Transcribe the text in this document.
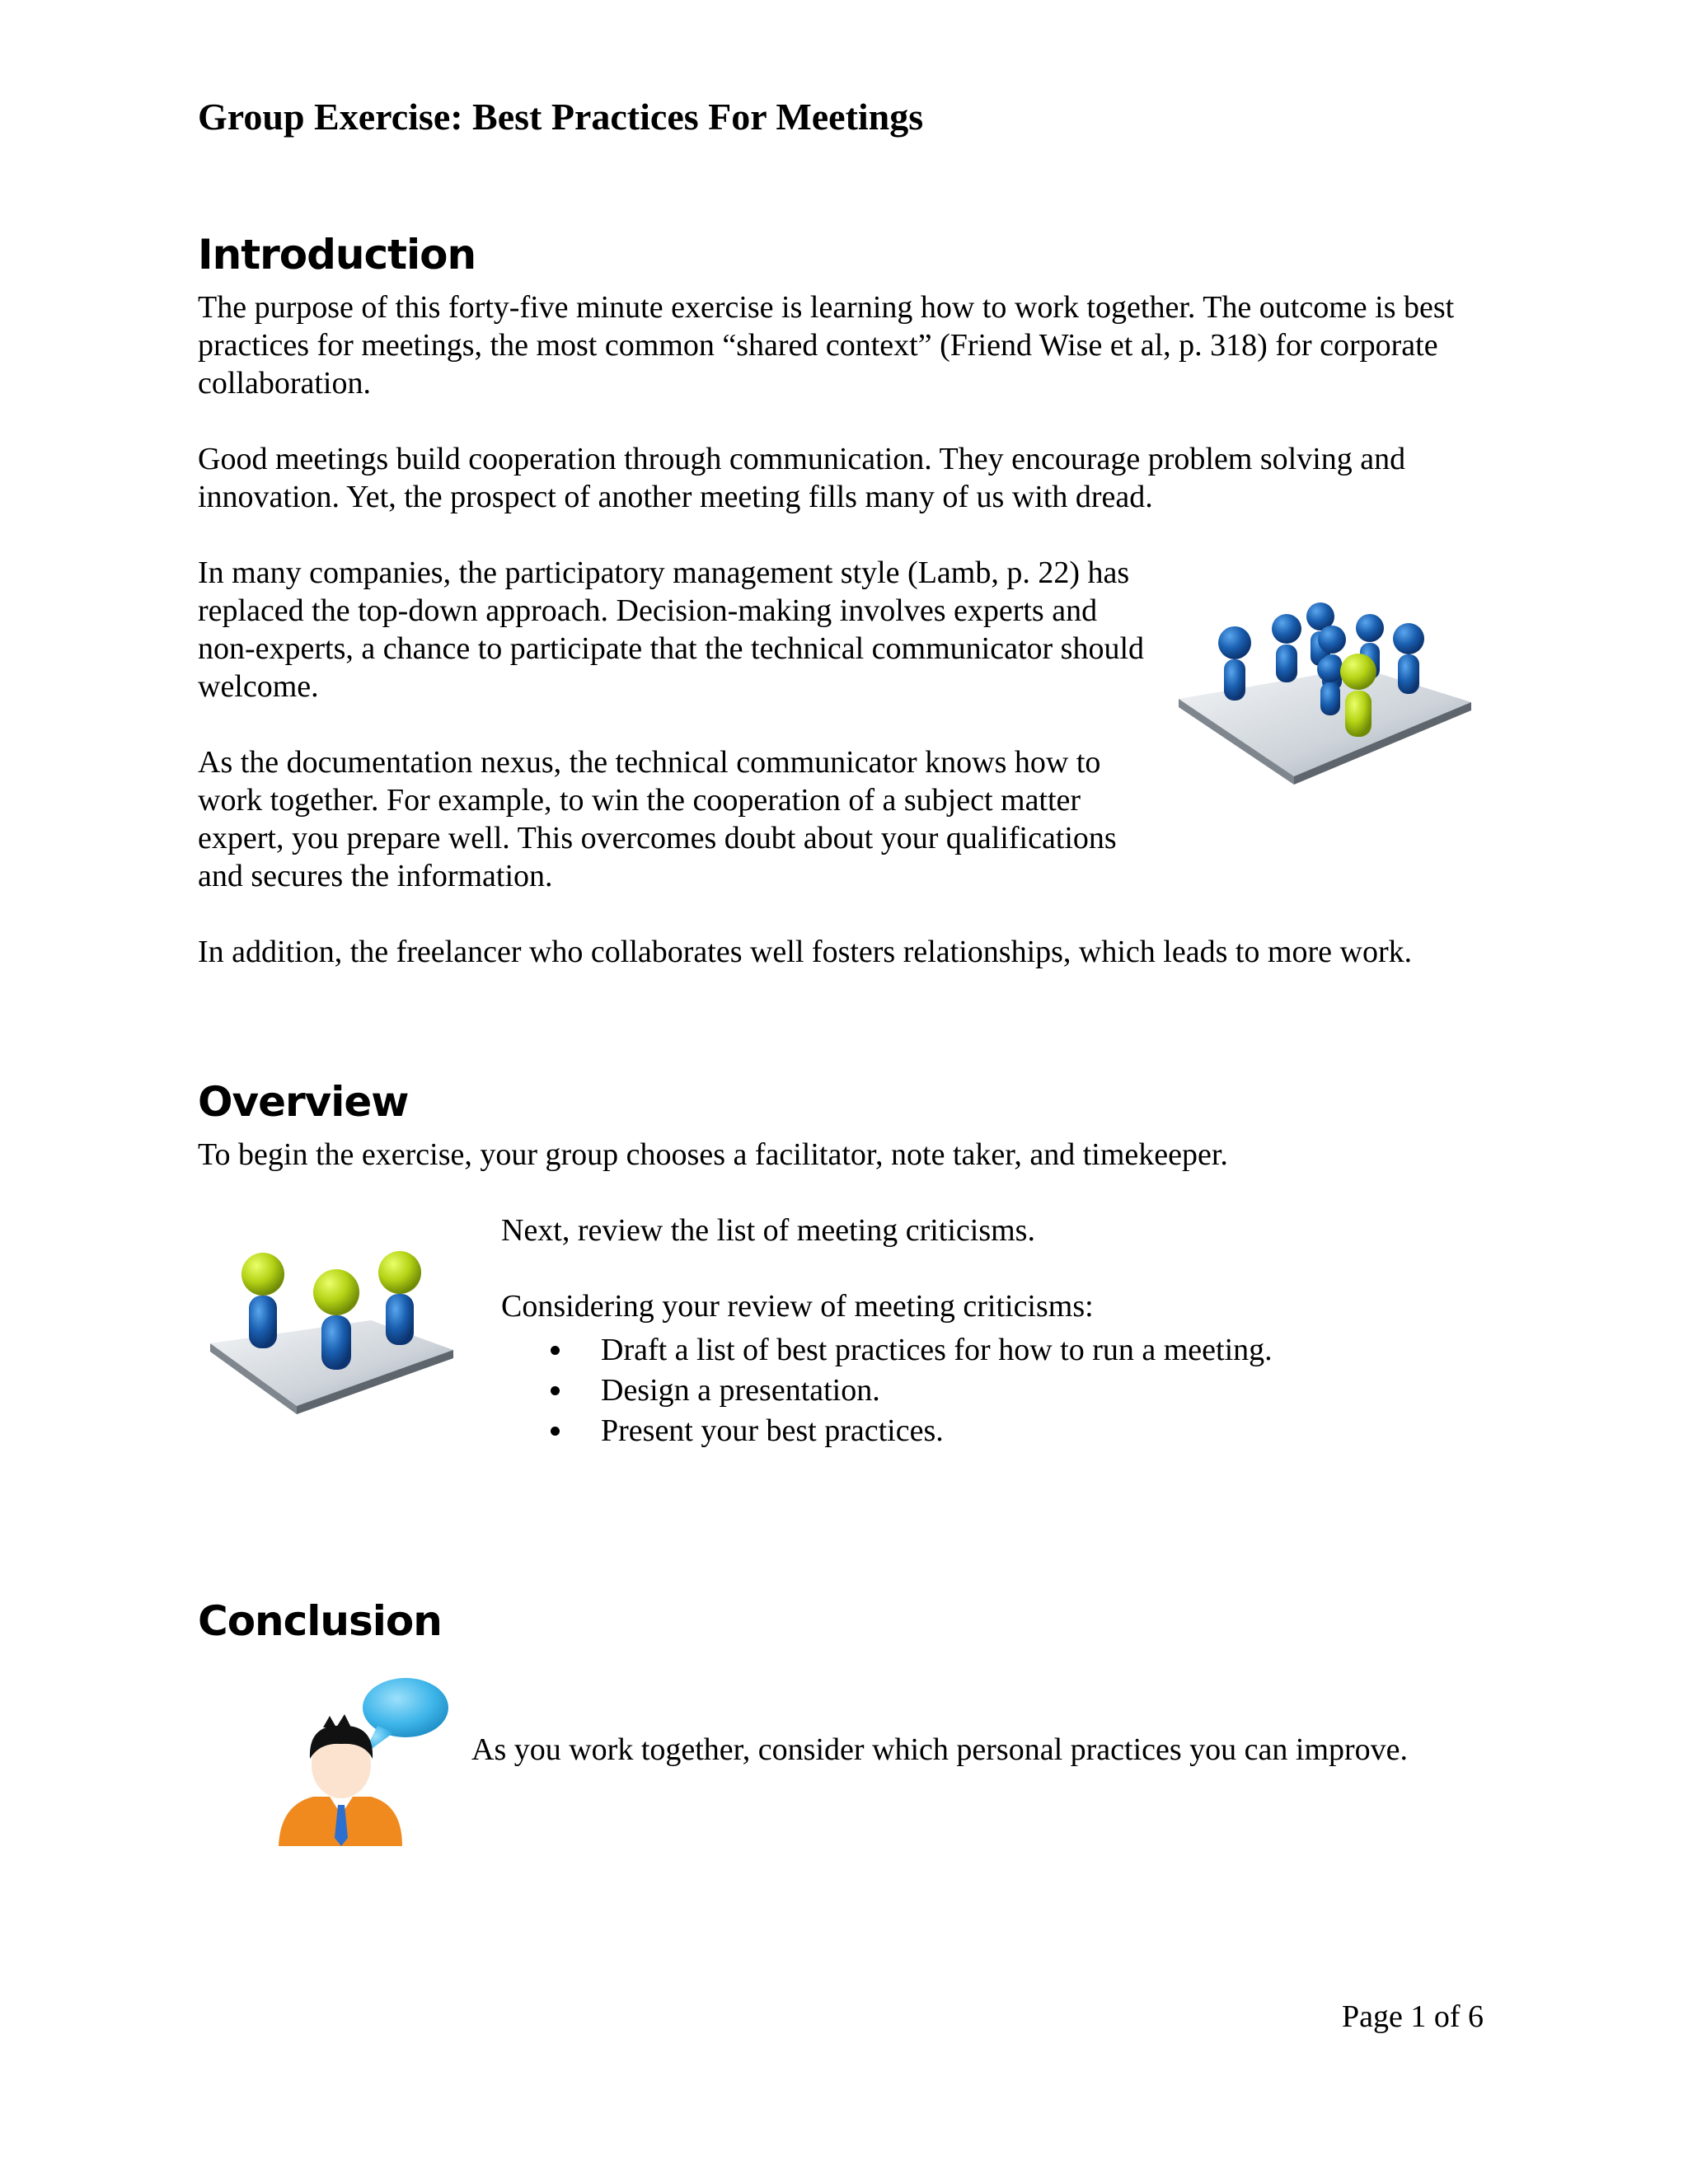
Group Exercise: Best Practices For Meetings
Introduction

The purpose of this forty-five minute exercise is learning how to work together. The outcome is best practices for meetings, the most common “shared context” (Friend Wise et al, p. 318) for corporate collaboration.

Good meetings build cooperation through communication. They encourage problem solving and innovation. Yet, the prospect of another meeting fills many of us with dread.

In many companies, the participatory management style (Lamb, p. 22) has replaced the top-down approach. Decision-making involves experts and non-experts, a chance to participate that the technical communicator should welcome.

As the documentation nexus, the technical communicator knows how to work together. For example, to win the cooperation of a subject matter expert, you prepare well. This overcomes doubt about your qualifications and secures the information.

In addition, the freelancer who collaborates well fosters relationships, which leads to more work.

Overview

To begin the exercise, your group chooses a facilitator, note taker, and timekeeper.

Next, review the list of meeting criticisms.

Considering your review of meeting criticisms:

Draft a list of best practices for how to run a meeting.
Design a presentation.
Present your best practices.
Conclusion

As you work together, consider which personal practices you can improve.

Page 1 of 6
